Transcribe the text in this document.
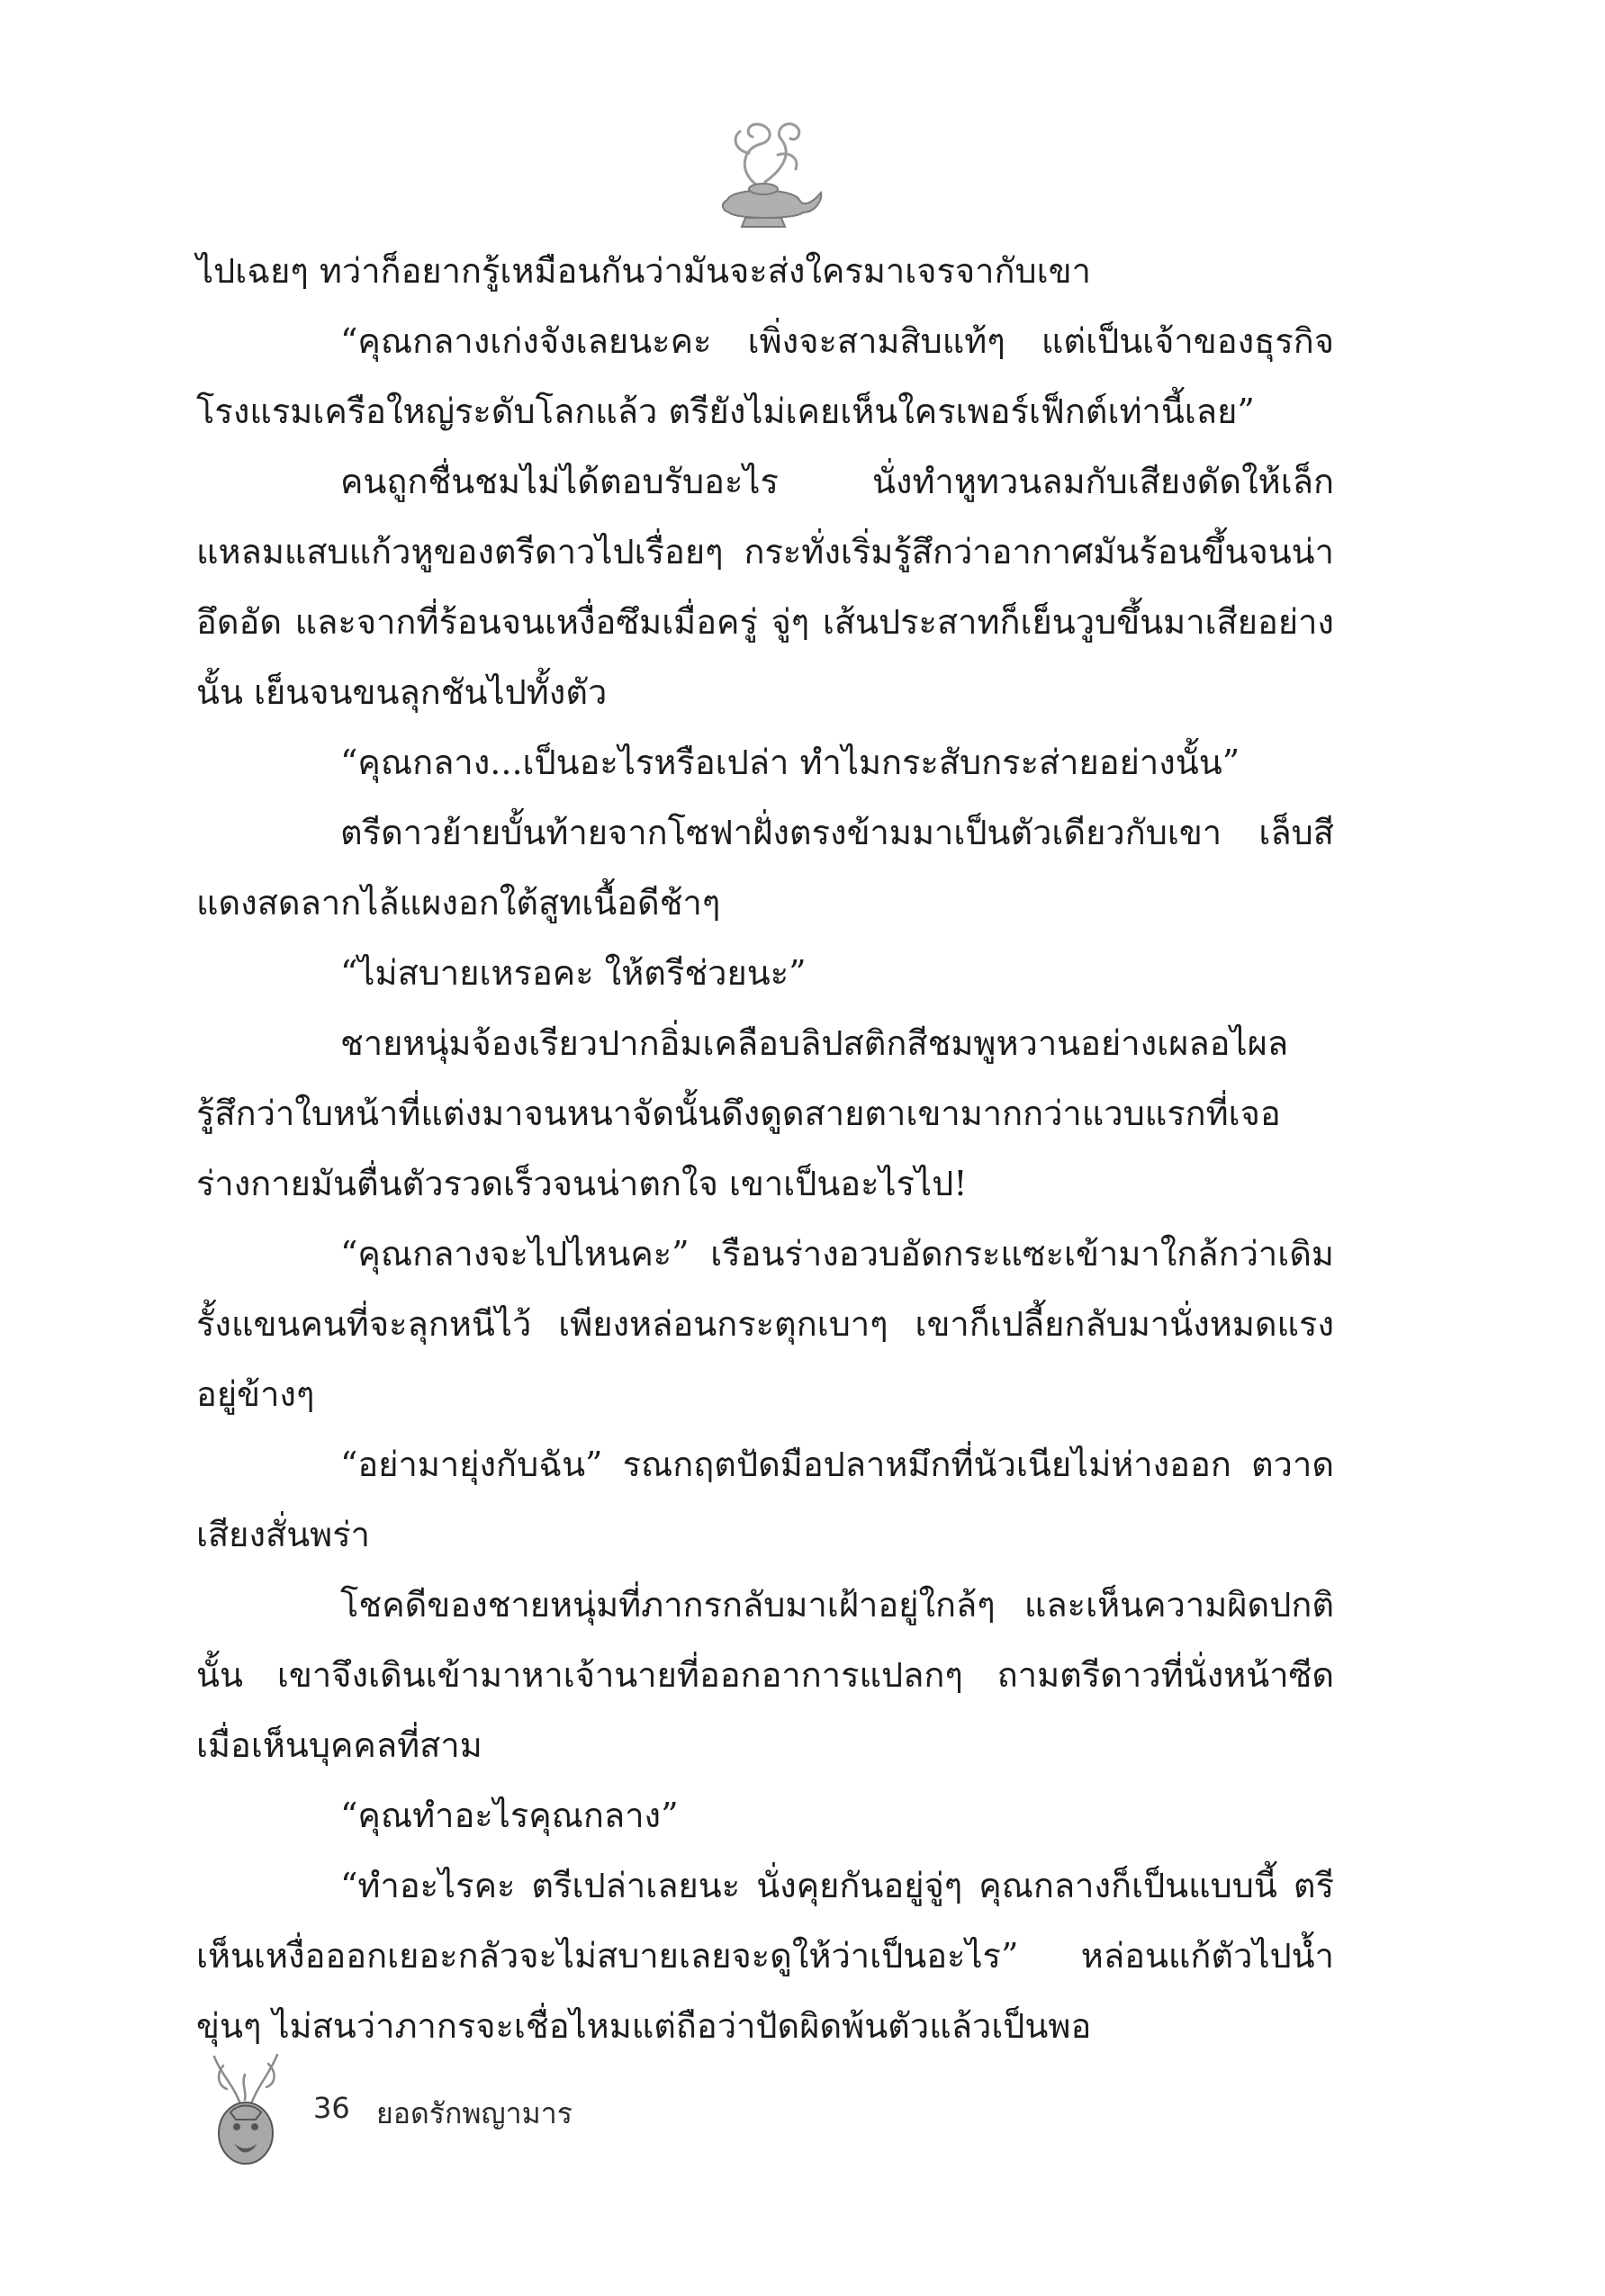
ไปเฉยๆ ทว่าก็อยากรู้เหมือนกันว่ามันจะส่งใครมาเจรจากับเขา

“คุณกลางเก่งจังเลยนะคะ เพิ่งจะสามสิบแท้ๆ แต่เป็นเจ้าของธุรกิจโรงแรมเครือใหญ่ระดับโลกแล้ว ตรียังไม่เคยเห็นใครเพอร์เฟ็กต์เท่านี้เลย”

คนถูกชื่นชมไม่ได้ตอบรับอะไร นั่งทำหูทวนลมกับเสียงดัดให้เล็กแหลมแสบแก้วหูของตรีดาวไปเรื่อยๆ กระทั่งเริ่มรู้สึกว่าอากาศมันร้อนขึ้นจนน่าอึดอัด และจากที่ร้อนจนเหงื่อซึมเมื่อครู่ จู่ๆ เส้นประสาทก็เย็นวูบขึ้นมาเสียอย่างนั้น เย็นจนขนลุกชันไปทั้งตัว

“คุณกลาง...เป็นอะไรหรือเปล่า ทำไมกระสับกระส่ายอย่างนั้น”

ตรีดาวย้ายบั้นท้ายจากโซฟาฝั่งตรงข้ามมาเป็นตัวเดียวกับเขา เล็บสีแดงสดลากไล้แผงอกใต้สูทเนื้อดีช้าๆ

“ไม่สบายเหรอคะ ให้ตรีช่วยนะ”

ชายหนุ่มจ้องเรียวปากอิ่มเคลือบลิปสติกสีชมพูหวานอย่างเผลอไผล รู้สึกว่าใบหน้าที่แต่งมาจนหนาจัดนั้นดึงดูดสายตาเขามากกว่าแวบแรกที่เจอ ร่างกายมันตื่นตัวรวดเร็วจนน่าตกใจ เขาเป็นอะไรไป!

“คุณกลางจะไปไหนคะ” เรือนร่างอวบอัดกระแซะเข้ามาใกล้กว่าเดิม รั้งแขนคนที่จะลุกหนีไว้ เพียงหล่อนกระตุกเบาๆ เขาก็เปลี้ยกลับมานั่งหมดแรงอยู่ข้างๆ

“อย่ามายุ่งกับฉัน” รณกฤตปัดมือปลาหมึกที่นัวเนียไม่ห่างออก ตวาดเสียงสั่นพร่า

โชคดีของชายหนุ่มที่ภากรกลับมาเฝ้าอยู่ใกล้ๆ และเห็นความผิดปกตินั้น เขาจึงเดินเข้ามาหาเจ้านายที่ออกอาการแปลกๆ ถามตรีดาวที่นั่งหน้าซีดเมื่อเห็นบุคคลที่สาม

“คุณทำอะไรคุณกลาง”

“ทำอะไรคะ ตรีเปล่าเลยนะ นั่งคุยกันอยู่จู่ๆ คุณกลางก็เป็นแบบนี้ ตรีเห็นเหงื่อออกเยอะกลัวจะไม่สบายเลยจะดูให้ว่าเป็นอะไร” หล่อนแก้ตัวไปน้ำขุ่นๆ ไม่สนว่าภากรจะเชื่อไหมแต่ถือว่าปัดผิดพ้นตัวแล้วเป็นพอ

36 ยอดรักพญามาร
